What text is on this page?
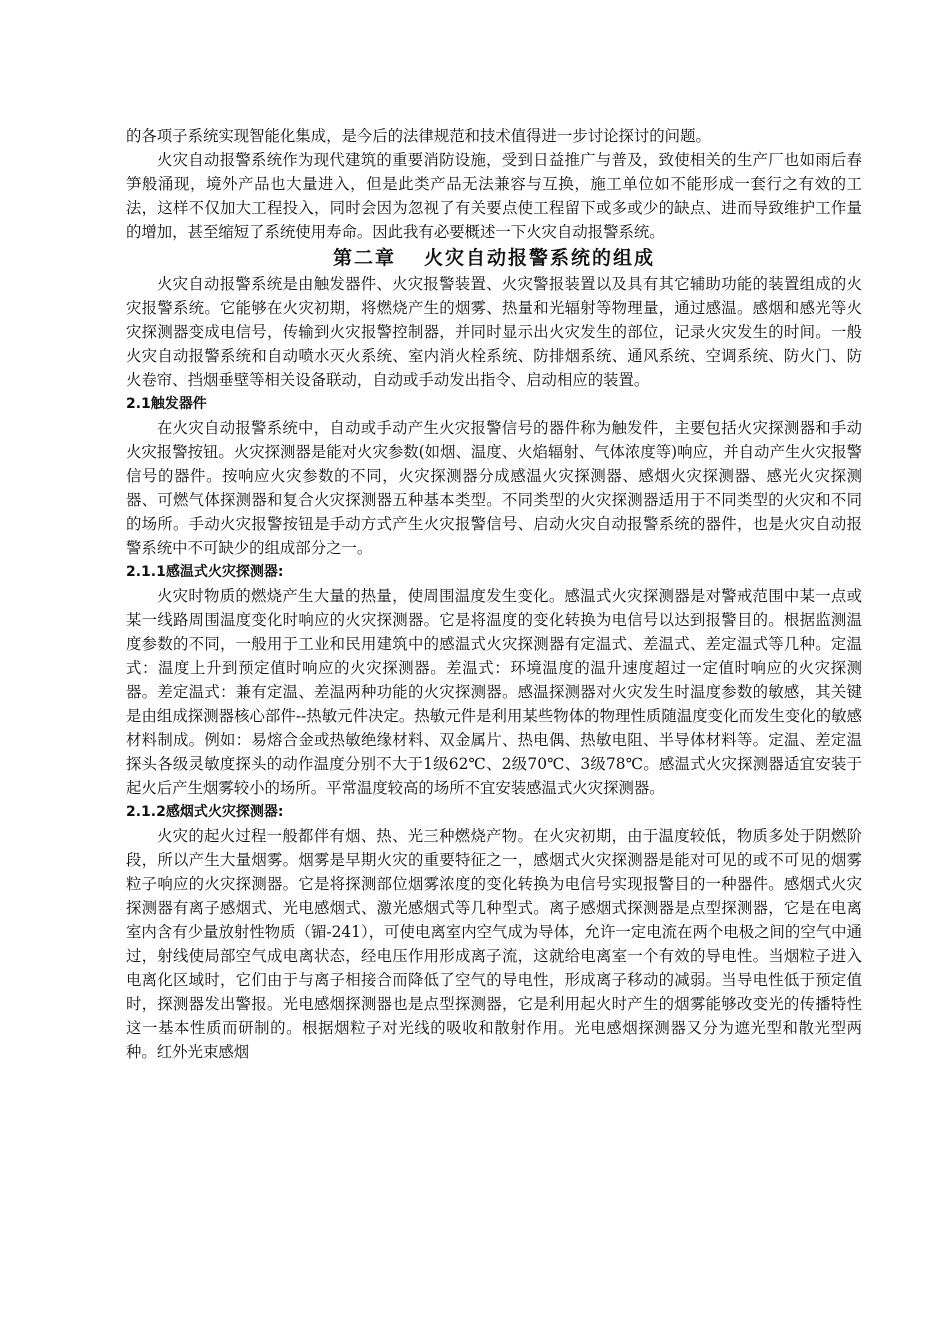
的各项子系统实现智能化集成，是今后的法律规范和技术值得进一步讨论探讨的问题。

火灾自动报警系统作为现代建筑的重要消防设施，受到日益推广与普及，致使相关的生产厂也如雨后春笋般涌现，境外产品也大量进入，但是此类产品无法兼容与互换，施工单位如不能形成一套行之有效的工法，这样不仅加大工程投入，同时会因为忽视了有关要点使工程留下或多或少的缺点、进而导致维护工作量的增加，甚至缩短了系统使用寿命。因此我有必要概述一下火灾自动报警系统。

第二章 火灾自动报警系统的组成

火灾自动报警系统是由触发器件、火灾报警装置、火灾警报装置以及具有其它辅助功能的装置组成的火灾报警系统。它能够在火灾初期，将燃烧产生的烟雾、热量和光辐射等物理量，通过感温。感烟和感光等火灾探测器变成电信号，传输到火灾报警控制器，并同时显示出火灾发生的部位，记录火灾发生的时间。一般火灾自动报警系统和自动喷水灭火系统、室内消火栓系统、防排烟系统、通风系统、空调系统、防火门、防火卷帘、挡烟垂壁等相关设备联动，自动或手动发出指令、启动相应的装置。

2.1触发器件

在火灾自动报警系统中，自动或手动产生火灾报警信号的器件称为触发件，主要包括火灾探测器和手动火灾报警按钮。火灾探测器是能对火灾参数(如烟、温度、火焰辐射、气体浓度等)响应，并自动产生火灾报警信号的器件。按响应火灾参数的不同，火灾探测器分成感温火灾探测器、感烟火灾探测器、感光火灾探测器、可燃气体探测器和复合火灾探测器五种基本类型。不同类型的火灾探测器适用于不同类型的火灾和不同的场所。手动火灾报警按钮是手动方式产生火灾报警信号、启动火灾自动报警系统的器件，也是火灾自动报警系统中不可缺少的组成部分之一。

2.1.1感温式火灾探测器:

火灾时物质的燃烧产生大量的热量，使周围温度发生变化。感温式火灾探测器是对警戒范围中某一点或某一线路周围温度变化时响应的火灾探测器。它是将温度的变化转换为电信号以达到报警目的。根据监测温度参数的不同，一般用于工业和民用建筑中的感温式火灾探测器有定温式、差温式、差定温式等几种。定温式：温度上升到预定值时响应的火灾探测器。差温式：环境温度的温升速度超过一定值时响应的火灾探测器。差定温式：兼有定温、差温两种功能的火灾探测器。感温探测器对火灾发生时温度参数的敏感，其关键是由组成探测器核心部件--热敏元件决定。热敏元件是利用某些物体的物理性质随温度变化而发生变化的敏感材料制成。例如：易熔合金或热敏绝缘材料、双金属片、热电偶、热敏电阻、半导体材料等。定温、差定温探头各级灵敏度探头的动作温度分别不大于1级62℃、2级70℃、3级78℃。感温式火灾探测器适宜安装于起火后产生烟雾较小的场所。平常温度较高的场所不宜安装感温式火灾探测器。

2.1.2感烟式火灾探测器:

火灾的起火过程一般都伴有烟、热、光三种燃烧产物。在火灾初期，由于温度较低，物质多处于阴燃阶段，所以产生大量烟雾。烟雾是早期火灾的重要特征之一，感烟式火灾探测器是能对可见的或不可见的烟雾粒子响应的火灾探测器。它是将探测部位烟雾浓度的变化转换为电信号实现报警目的一种器件。感烟式火灾探测器有离子感烟式、光电感烟式、激光感烟式等几种型式。离子感烟式探测器是点型探测器，它是在电离室内含有少量放射性物质（镅-241），可使电离室内空气成为导体，允许一定电流在两个电极之间的空气中通过，射线使局部空气成电离状态，经电压作用形成离子流，这就给电离室一个有效的导电性。当烟粒子进入电离化区域时，它们由于与离子相接合而降低了空气的导电性，形成离子移动的减弱。当导电性低于预定值时，探测器发出警报。光电感烟探测器也是点型探测器，它是利用起火时产生的烟雾能够改变光的传播特性这一基本性质而研制的。根据烟粒子对光线的吸收和散射作用。光电感烟探测器又分为遮光型和散光型两种。红外光束感烟
